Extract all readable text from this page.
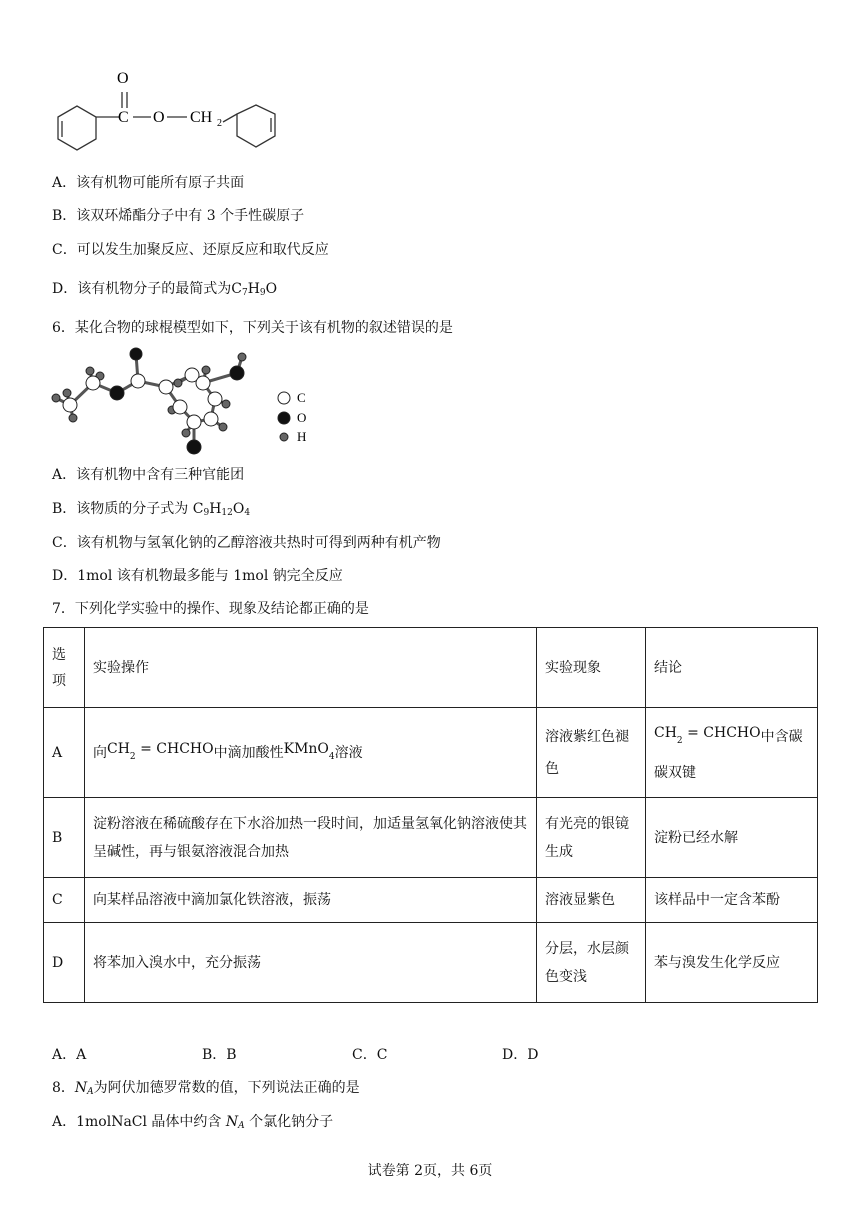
O
C O CH 2
A．该有机物可能所有原子共面
B．该双环烯酯分子中有 3 个手性碳原子
C．可以发生加聚反应、还原反应和取代反应
D．该有机物分子的最简式为$C_7H_9O$
6．某化合物的球棍模型如下，下列关于该有机物的叙述错误的是
C
O
H
A．该有机物中含有三种官能团
B．该物质的分子式为 $C_9H_{12}O_4$
C．该有机物与氢氧化钠的乙醇溶液共热时可得到两种有机产物
D．1mol 该有机物最多能与 1mol 钠完全反应
7．下列化学实验中的操作、现象及结论都正确的是
选
项	实验操作	实验现象	结论
A	向$CH_2$ = CHCHO中滴加酸性KMnO$_4$溶液	溶液紫红色褪色	$CH_2$ = CHCHO中含碳碳双键
B	淀粉溶液在稀硫酸存在下水浴加热一段时间，加适量氢氧化钠溶液使其呈碱性，再与银氨溶液混合加热	有光亮的银镜生成	淀粉已经水解
C	向某样品溶液中滴加氯化铁溶液，振荡	溶液显紫色	该样品中一定含苯酚
D	将苯加入溴水中，充分振荡	分层，水层颜色变浅	苯与溴发生化学反应
A．A	B．B	C．C	D．D
8．$N_A$为阿伏加德罗常数的值，下列说法正确的是
A．1molNaCl 晶体中约含 $N_A$ 个氯化钠分子
试卷第 2页，共 6页
